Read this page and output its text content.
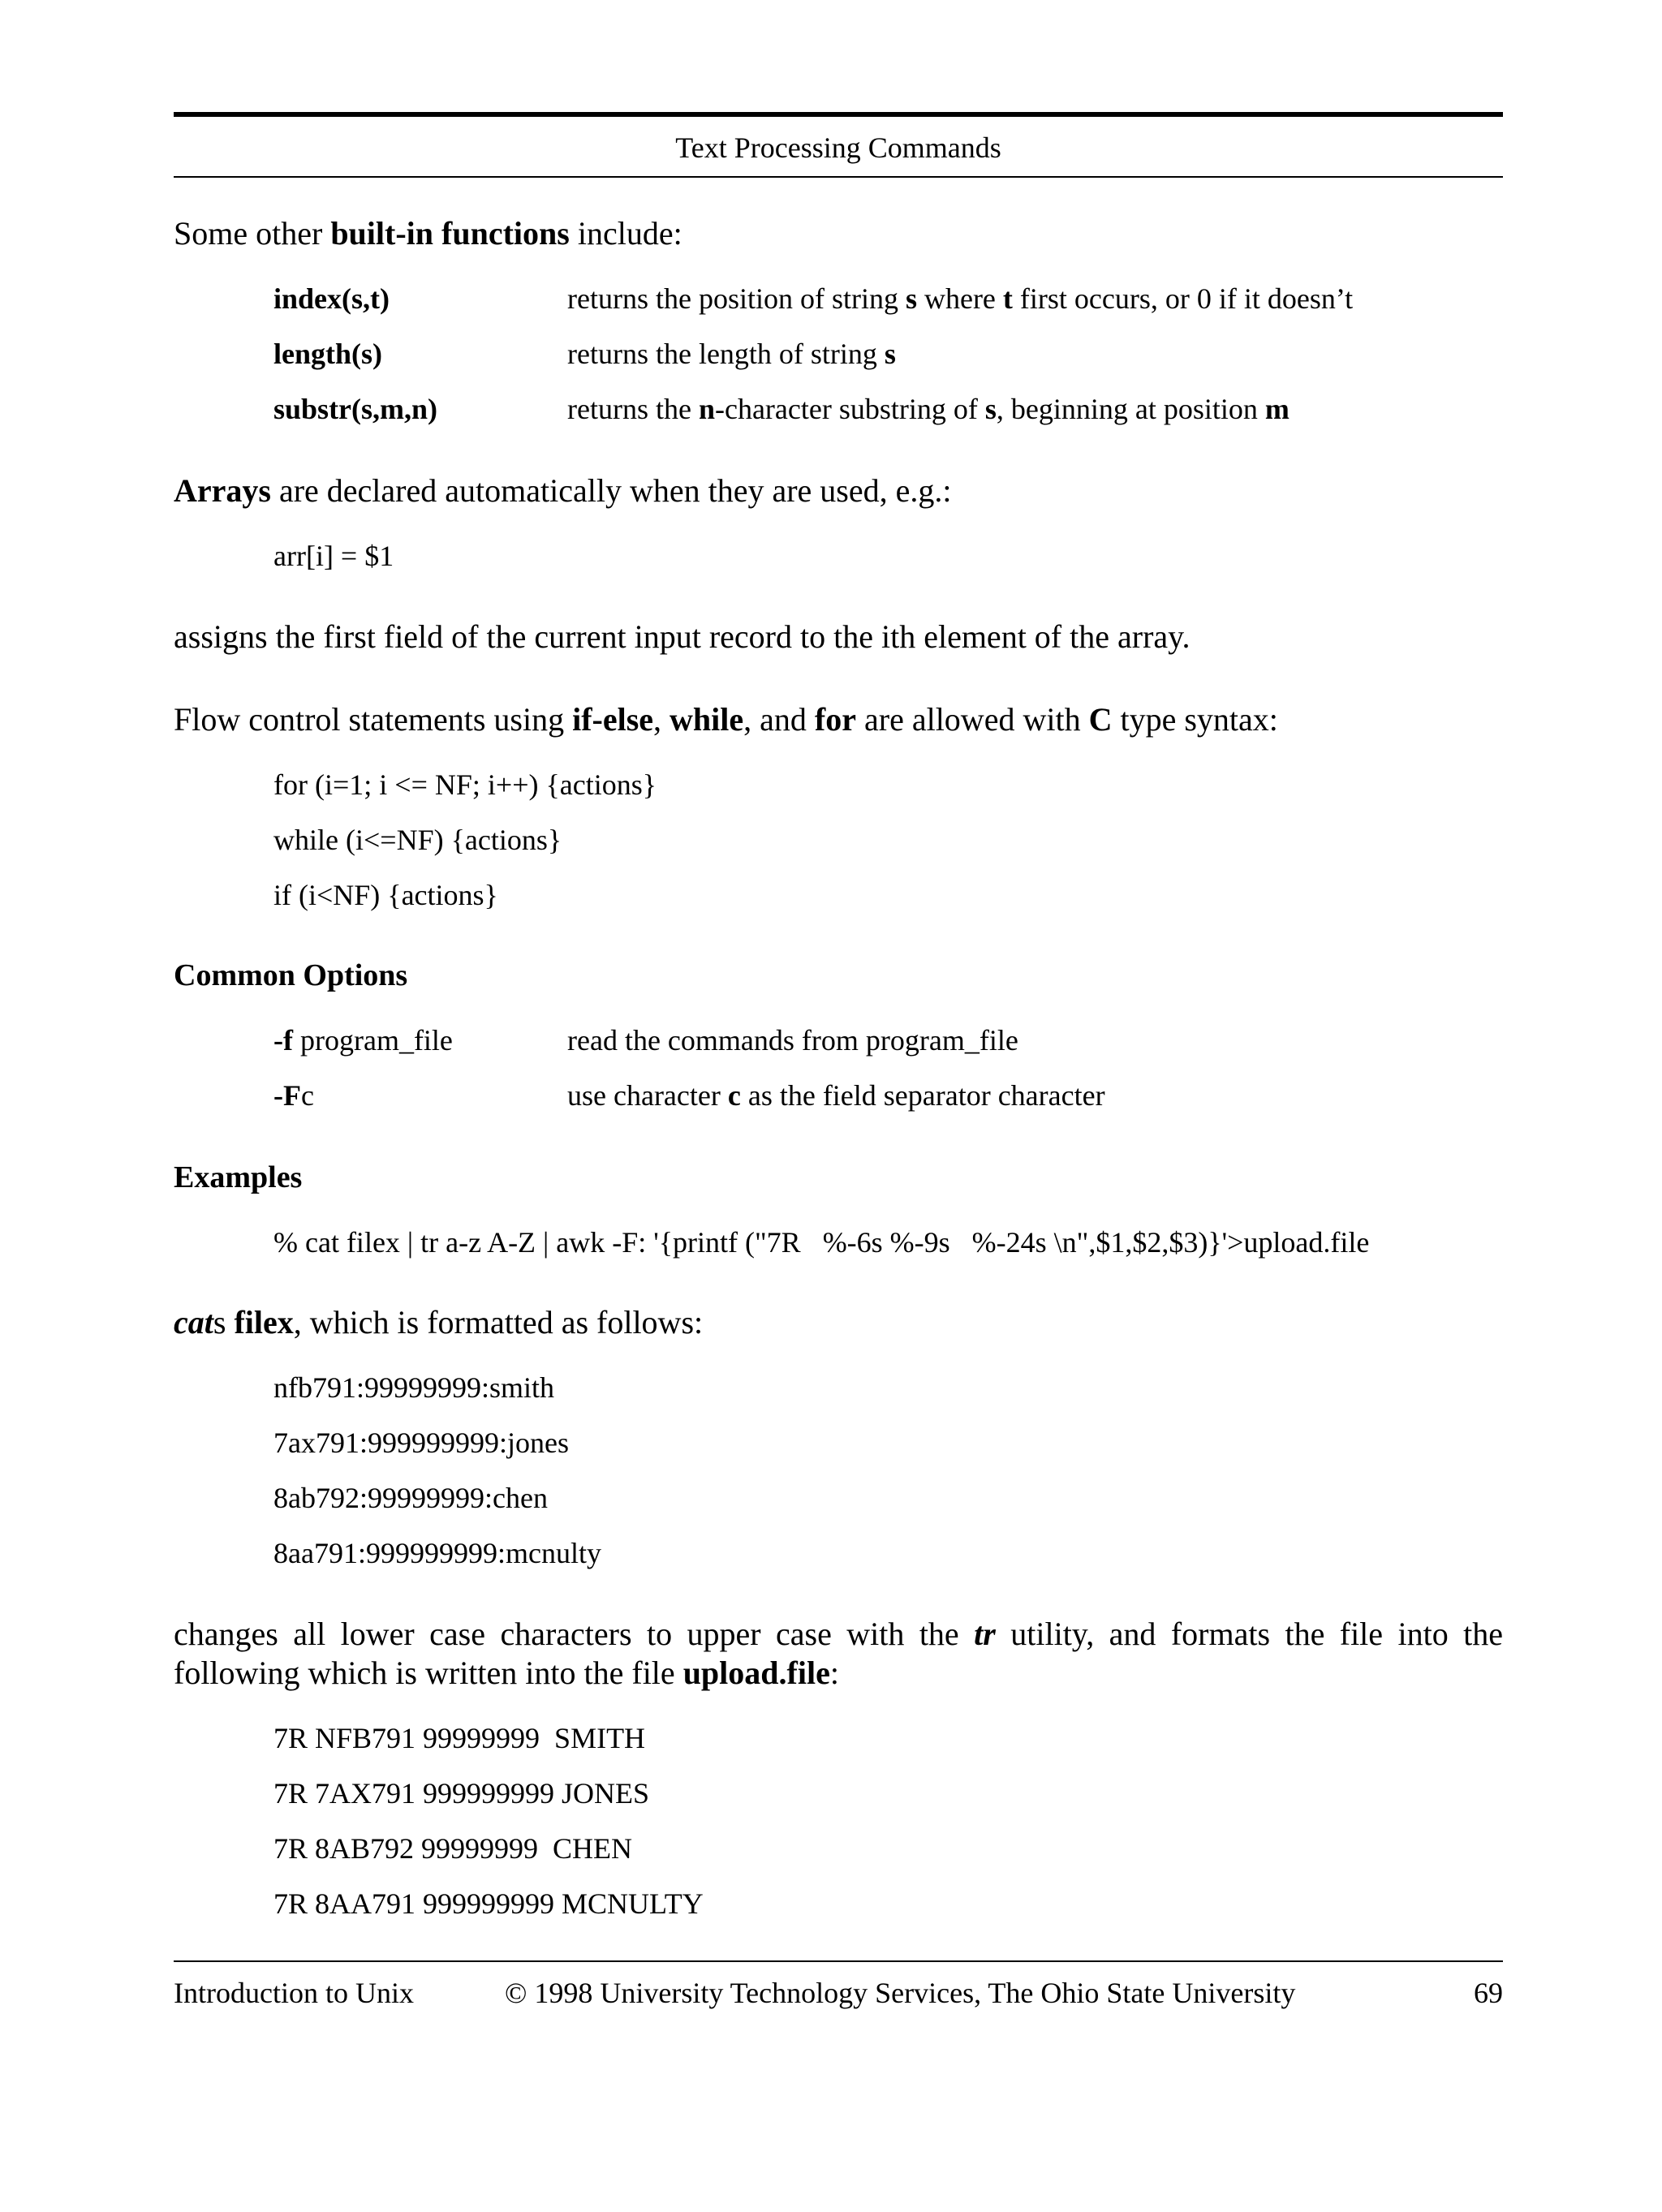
Text Processing Commands
Some other built-in functions include:
index(s,t)	returns the position of string s where t first occurs, or 0 if it doesn’t
length(s)	returns the length of string s
substr(s,m,n)	returns the n-character substring of s, beginning at position m
Arrays are declared automatically when they are used, e.g.:
arr[i] = $1
assigns the first field of the current input record to the ith element of the array.
Flow control statements using if-else, while, and for are allowed with C type syntax:
for (i=1; i <= NF; i++) {actions}
while (i<=NF) {actions}
if (i<NF) {actions}
Common Options
-f program_file	read the commands from program_file
-Fc	use character c as the field separator character
Examples
% cat filex | tr a-z A-Z | awk -F: '{printf ("7R   %-6s %-9s   %-24s \n",$1,$2,$3)}'>upload.file
cats filex, which is formatted as follows:
nfb791:99999999:smith
7ax791:999999999:jones
8ab792:99999999:chen
8aa791:999999999:mcnulty
changes all lower case characters to upper case with the tr utility, and formats the file into the following which is written into the file upload.file:
7R NFB791 99999999  SMITH
7R 7AX791 999999999 JONES
7R 8AB792 99999999  CHEN
7R 8AA791 999999999 MCNULTY
Introduction to Unix	© 1998 University Technology Services, The Ohio State University	69
